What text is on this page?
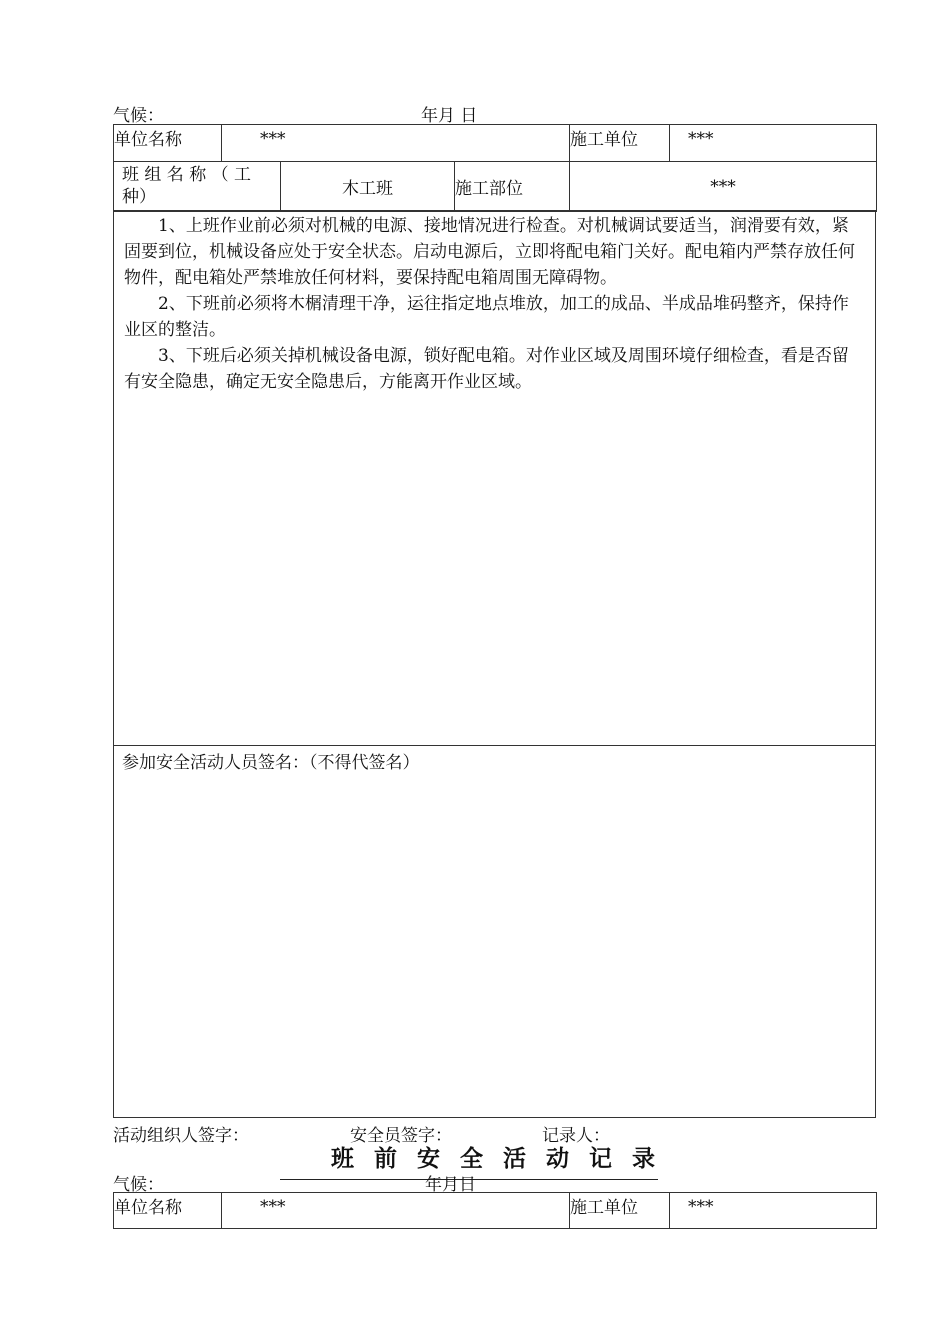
气候：	年月 日
单位名称	***			施工单位	***

班 组 名 称 （ 工
种）		木工班	施工部位	***	

1、上班作业前必须对机械的电源、接地情况进行检查。对机械调试要适当，润滑要有效，紧固要到位，机械设备应处于安全状态。启动电源后，立即将配电箱门关好。配电箱内严禁存放任何物件，配电箱处严禁堆放任何材料，要保持配电箱周围无障碍物。

2、下班前必须将木榍清理干净，运往指定地点堆放，加工的成品、半成品堆码整齐，保持作业区的整洁。

3、下班后必须关掉机械设备电源，锁好配电箱。对作业区域及周围环境仔细检查，看是否留有安全隐患，确定无安全隐患后，方能离开作业区域。

参加安全活动人员签名：（不得代签名）
活动组织人签字：	安全员签字：	记录人：
班 前 安 全 活 动 记 录
气候：	年月日
单位名称	***	施工单位	***
